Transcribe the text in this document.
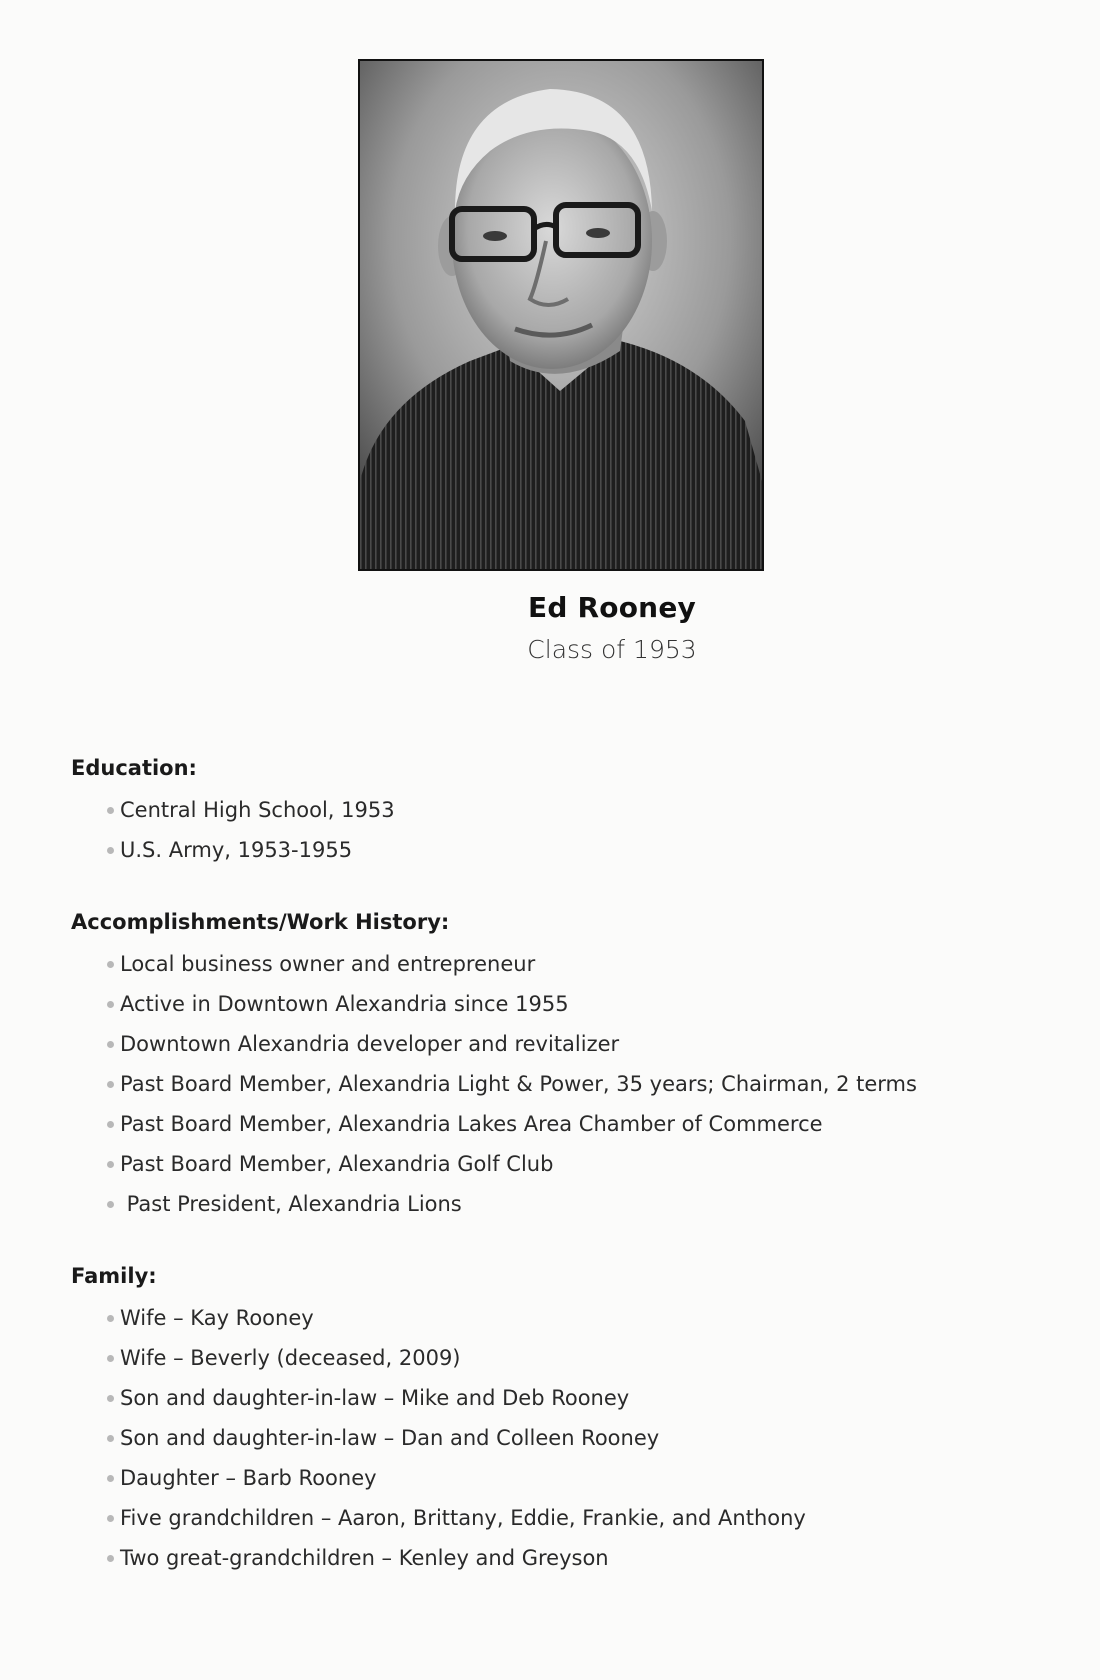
Ed Rooney
Class of 1953
Education:
Central High School, 1953
U.S. Army, 1953-1955
Accomplishments/Work History:
Local business owner and entrepreneur
Active in Downtown Alexandria since 1955
Downtown Alexandria developer and revitalizer
Past Board Member, Alexandria Light & Power, 35 years; Chairman, 2 terms
Past Board Member, Alexandria Lakes Area Chamber of Commerce
Past Board Member, Alexandria Golf Club
Past President, Alexandria Lions
Family:
Wife – Kay Rooney
Wife – Beverly (deceased, 2009)
Son and daughter-in-law – Mike and Deb Rooney
Son and daughter-in-law – Dan and Colleen Rooney
Daughter – Barb Rooney
Five grandchildren – Aaron, Brittany, Eddie, Frankie, and Anthony
Two great-grandchildren – Kenley and Greyson
